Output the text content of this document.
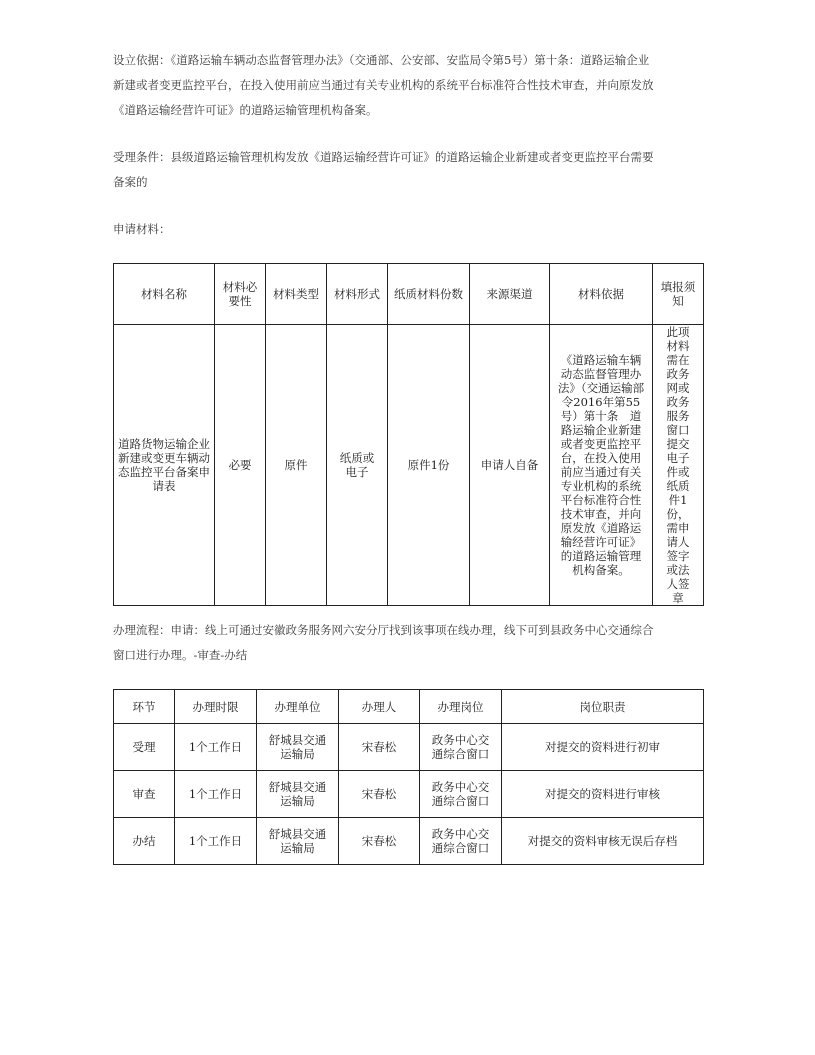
设立依据：《道路运输车辆动态监督管理办法》（交通部、公安部、安监局令第5号）第十条：道路运输企业
新建或者变更监控平台，在投入使用前应当通过有关专业机构的系统平台标准符合性技术审查，并向原发放
《道路运输经营许可证》的道路运输管理机构备案。
受理条件：县级道路运输管理机构发放《道路运输经营许可证》的道路运输企业新建或者变更监控平台需要
备案的
申请材料：
材料名称	材料必要性	材料类型	材料形式	纸质材料份数	来源渠道	材料依据	填报须知
道路货物运输企业新建或变更车辆动态监控平台备案申请表	必要	原件	纸质或电子	原件1份	申请人自备	《道路运输车辆动态监督管理办法》（交通运输部令2016年第55号）第十条　道路运输企业新建或者变更监控平台，在投入使用前应当通过有关专业机构的系统平台标准符合性技术审查，并向原发放《道路运输经营许可证》的道路运输管理机构备案。	此项材料需在政务网或政务服务窗口提交电子件或纸质件1份，需申请人签字或法人签章
办理流程：申请：线上可通过安徽政务服务网六安分厅找到该事项在线办理，线下可到县政务中心交通综合
窗口进行办理。-审查-办结
环节	办理时限	办理单位	办理人	办理岗位	岗位职责
受理	1个工作日	舒城县交通运输局	宋春松	政务中心交通综合窗口	对提交的资料进行初审
审查	1个工作日	舒城县交通运输局	宋春松	政务中心交通综合窗口	对提交的资料进行审核
办结	1个工作日	舒城县交通运输局	宋春松	政务中心交通综合窗口	对提交的资料审核无误后存档
